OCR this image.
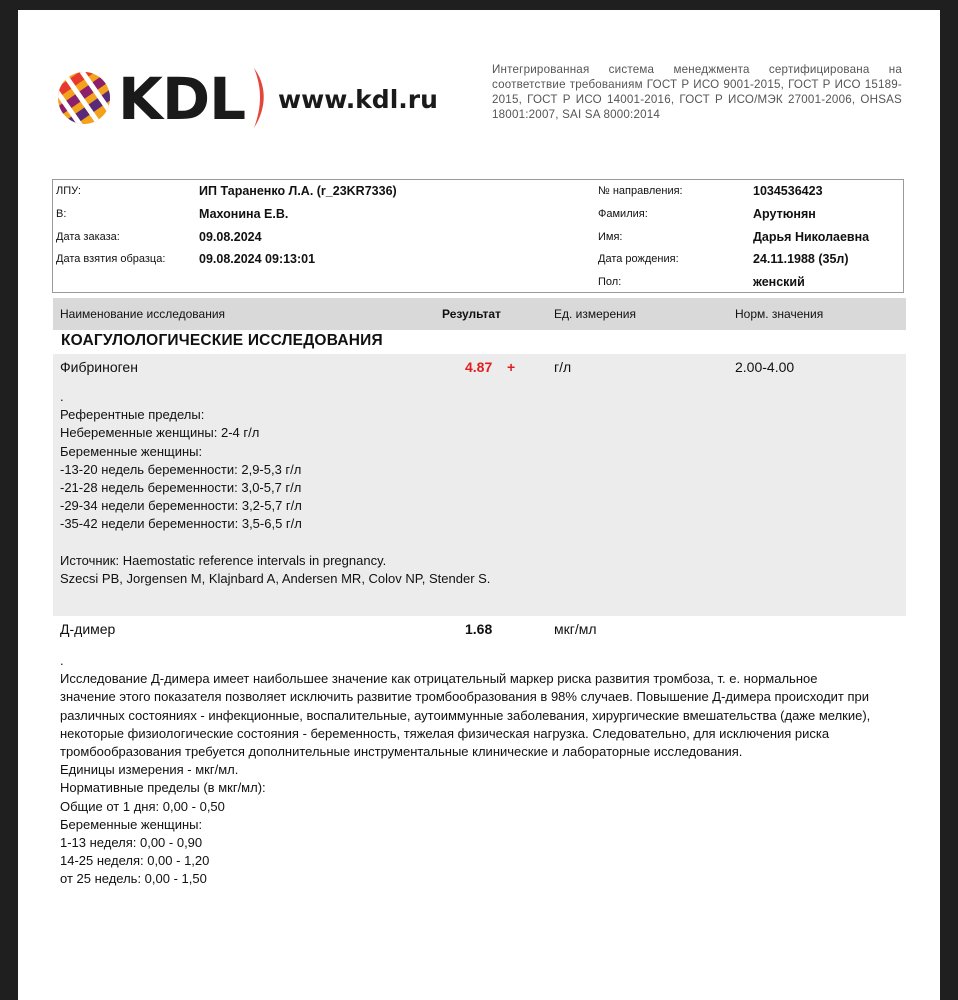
KDL www.kdl.ru
Интегрированная система менеджмента сертифицирована на соответствие требованиям ГОСТ Р ИСО 9001-2015, ГОСТ Р ИСО 15189-2015, ГОСТ Р ИСО 14001-2016, ГОСТ Р ИСО/МЭК 27001-2006, OHSAS 18001:2007, SAI SA 8000:2014
ЛПУ:	ИП Тараненко Л.А. (r_23KR7336)
В:	Махонина Е.В.
Дата заказа:	09.08.2024
Дата взятия образца:	09.08.2024 09:13:01
№ направления:	1034536423
Фамилия:	Арутюнян
Имя:	Дарья Николаевна
Дата рождения:	24.11.1988 (35л)
Пол:	женский
Наименование исследования	Результат	Ед. измерения	Норм. значения
КОАГУЛОЛОГИЧЕСКИЕ ИССЛЕДОВАНИЯ
Фибриноген	4.87 +	г/л	2.00-4.00
.
Референтные пределы:
Небеременные женщины: 2-4 г/л
Беременные женщины:
-13-20 недель беременности: 2,9-5,3 г/л
-21-28 недель беременности: 3,0-5,7 г/л
-29-34 недели беременности: 3,2-5,7 г/л
-35-42 недели беременности: 3,5-6,5 г/л

Источник: Haemostatic reference intervals in pregnancy.
Szecsi PB, Jorgensen M, Klajnbard A, Andersen MR, Colov NP, Stender S.
Д-димер	1.68	мкг/мл
.
Исследование Д-димера имеет наибольшее значение как отрицательный маркер риска развития тромбоза, т. е. нормальное
значение этого показателя позволяет исключить развитие тромбообразования в 98% случаев. Повышение Д-димера происходит при
различных состояниях - инфекционные, воспалительные, аутоиммунные заболевания, хирургические вмешательства (даже мелкие),
некоторые физиологические состояния - беременность, тяжелая физическая нагрузка. Следовательно, для исключения риска
тромбообразования требуется дополнительные инструментальные клинические и лабораторные исследования.
Единицы измерения - мкг/мл.
Нормативные пределы (в мкг/мл):
Общие от 1 дня: 0,00 - 0,50
Беременные женщины:
1-13 неделя: 0,00 - 0,90
14-25 неделя: 0,00 - 1,20
от 25 недель: 0,00 - 1,50
